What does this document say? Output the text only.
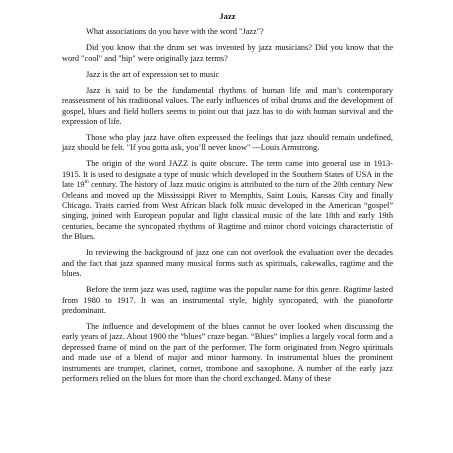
Jazz

What associations do you have with the word "Jazz"?

Did you know that the drum set was invented by jazz musicians? Did you know that the word "cool" and "hip" were originally jazz terms?

Jazz is the art of expression set to music

Jazz is said to be the fundamental rhythms of human life and man’s contemporary reassessment of his traditional values. The early influences of tribal drums and the development of gospel, blues and field hollers seems to point out that jazz has to do with human survival and the expression of life.

Those who play jazz have often expressed the feelings that jazz should remain undefined, jazz should be felt. "If you gotta ask, you’ll never know" ---Louis Armstrong.

The origin of the word JAZZ is quite obscure. The term came into general use in 1913-1915. It is used to designate a type of music which developed in the Southern States of USA in the late 19th century. The history of Jazz music origins is attributed to the turn of the 20th century New Orleans and moved up the Mississippi River to Memphis, Saint Louis, Kansas City and finally Chicago. Traits carried from West African black folk music developed in the American “gospel” singing, joined with European popular and light classical music of the late 18th and early 19th centuries, became the syncopated rhythms of Ragtime and minor chord voicings characteristic of the Blues.

In reviewing the background of jazz one can not overlook the evaluation over the decades and the fact that jazz spanned many musical forms such as spirituals, cakewalks, ragtime and the blues.

Before the term jazz was used, ragtime was the popular name for this genre. Ragtime lasted from 1980 to 1917. It was an instrumental style, highly syncopated, with the pianoforte predominant.

The influence and development of the blues cannot be over looked when discussing the early years of jazz. About 1900 the “blues” craze began. “Blues” implies a largely vocal form and a depressed frame of mind on the part of the performer. The form originated from Negro spirituals and made use of a blend of major and minor harmony. In instrumental blues the prominent instruments are trumpet, clarinet, cornet, trombone and saxophone. A number of the early jazz performers relied on the blues for more than the chord exchanged. Many of these
